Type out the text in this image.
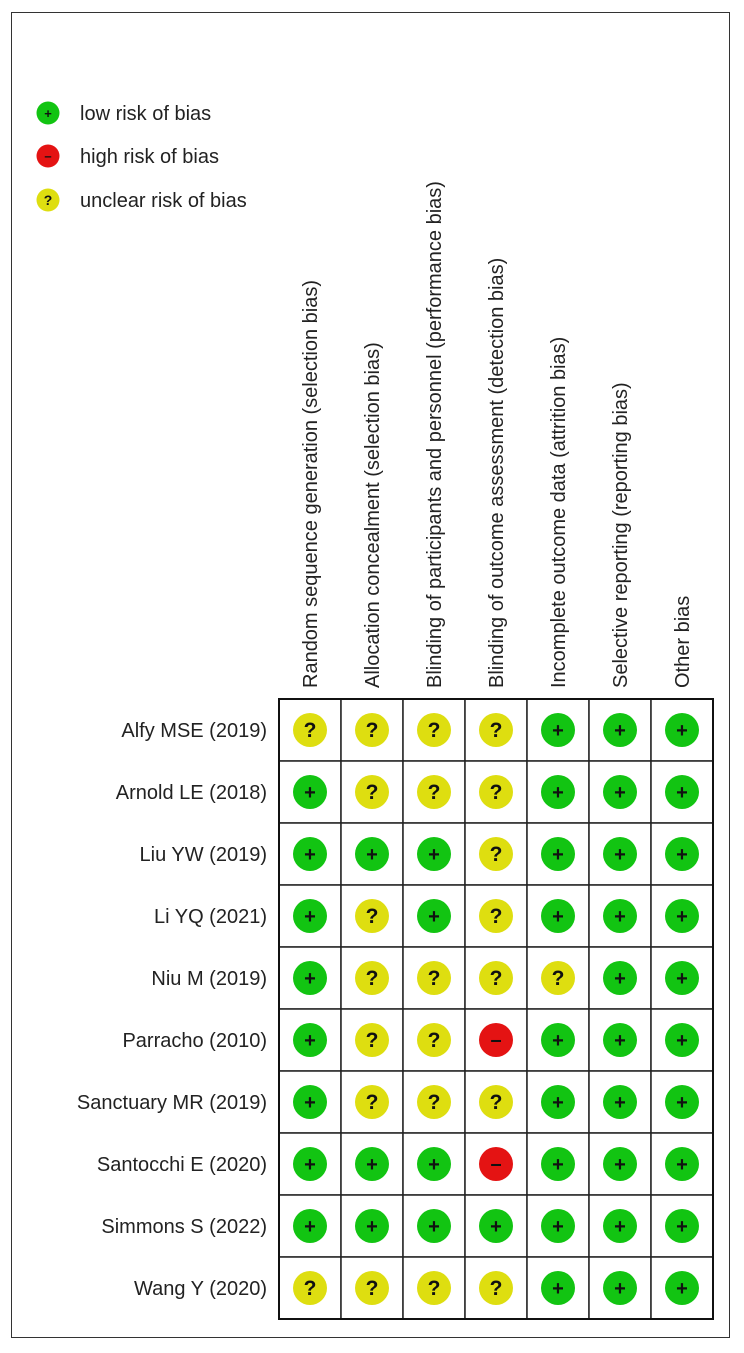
+ low risk of bias
– high risk of bias
? unclear risk of bias
Random sequence generation (selection bias) Allocation concealment (selection bias) Blinding of participants and personnel (performance bias) Blinding of outcome assessment (detection bias) Incomplete outcome data (attrition bias) Selective reporting (reporting bias) Other bias
Alfy MSE (2019) ? ? ? ? +	+	+
Arnold LE (2018) + ? ? ? +	+	+
Liu YW (2019) +	+	+ ? +	+	+
Li YQ (2021) + ? + ? +	+	+
Niu M (2019) + ? ? ? ? +	+
Parracho (2010) + ? ?	–	+	+	+
Sanctuary MR (2019) + ? ? ? +	+	+
Santocchi E (2020) +	+	+	–	+	+	+
Simmons S (2022) +	+	+	+	+	+	+
Wang Y (2020) ? ? ? ? +	+	+
